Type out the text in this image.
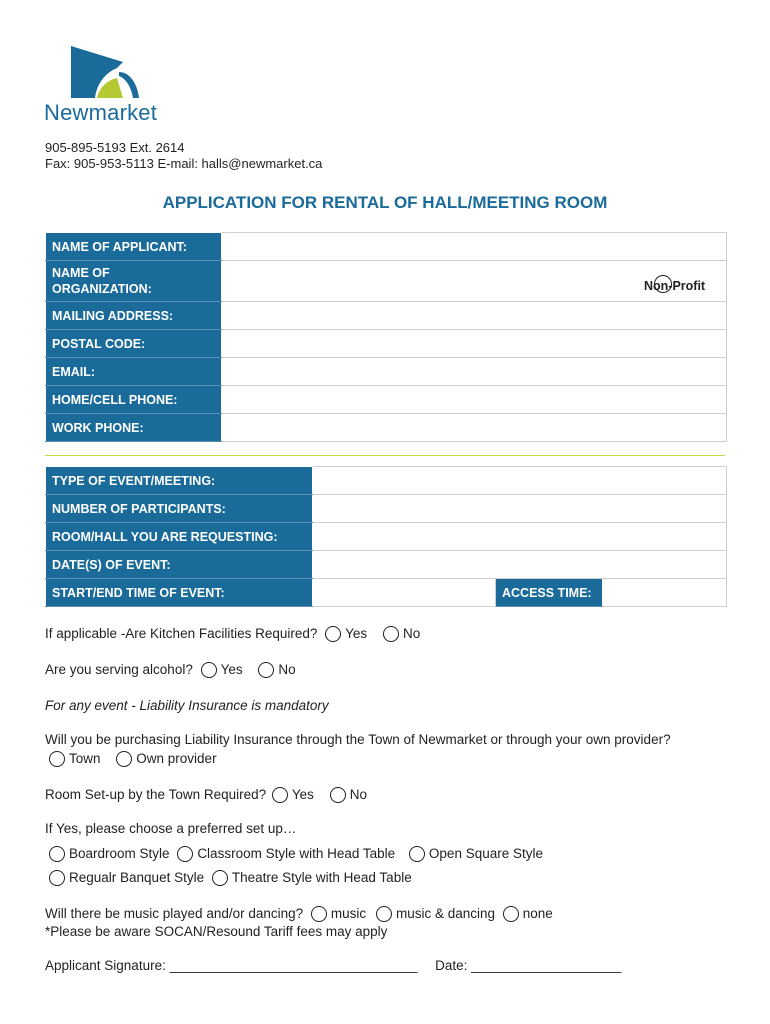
Newmarket
905-895-5193 Ext. 2614
Fax: 905-953-5113 E-mail: halls@newmarket.ca
APPLICATION FOR RENTAL OF HALL/MEETING ROOM
NAME OF APPLICANT:	
NAME OF
ORGANIZATION:	
MAILING ADDRESS:	
POSTAL CODE:	
EMAIL:	
HOME/CELL PHONE:	
WORK PHONE:	
Non-Profit
TYPE OF EVENT/MEETING:			
NUMBER OF PARTICIPANTS:			
ROOM/HALL YOU ARE REQUESTING:			
DATE(S) OF EVENT:			
START/END TIME OF EVENT:		ACCESS TIME:	
If applicable -Are Kitchen Facilities Required? Yes	No
Are you serving alcohol? Yes	No
For any event - Liability Insurance is mandatory
Will you be purchasing Liability Insurance through the Town of Newmarket or through your own provider?
Town	Own provider
Room Set-up by the Town Required? Yes	No
If Yes, please choose a preferred set up…
Boardroom Style Classroom Style with Head Table	Open Square Style
Regualr Banquet Style Theatre Style with Head Table
Will there be music played and/or dancing? music music & dancing none
*Please be aware SOCAN/Resound Tariff fees may apply
Applicant Signature: _________________________________ Date: ____________________
